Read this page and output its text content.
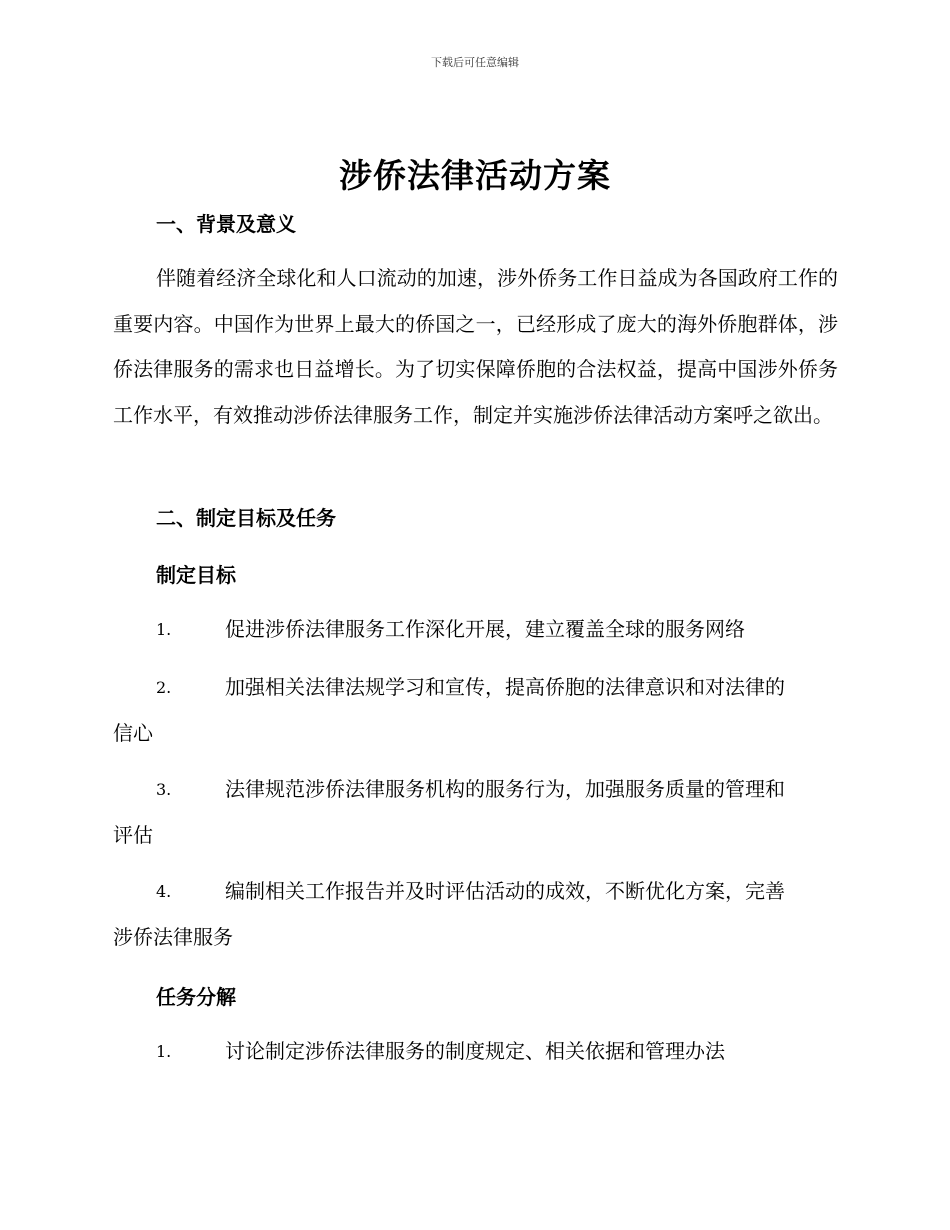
下载后可任意编辑
涉侨法律活动方案
一、背景及意义
伴随着经济全球化和人口流动的加速，涉外侨务工作日益成为各国政府工作的重要内容。中国作为世界上最大的侨国之一，已经形成了庞大的海外侨胞群体，涉侨法律服务的需求也日益增长。为了切实保障侨胞的合法权益，提高中国涉外侨务工作水平，有效推动涉侨法律服务工作，制定并实施涉侨法律活动方案呼之欲出。
二、制定目标及任务
制定目标
1.	促进涉侨法律服务工作深化开展，建立覆盖全球的服务网络
2.	加强相关法律法规学习和宣传，提高侨胞的法律意识和对法律的
信心
3.	法律规范涉侨法律服务机构的服务行为，加强服务质量的管理和
评估
4.	编制相关工作报告并及时评估活动的成效，不断优化方案，完善
涉侨法律服务
任务分解
1.	讨论制定涉侨法律服务的制度规定、相关依据和管理办法
